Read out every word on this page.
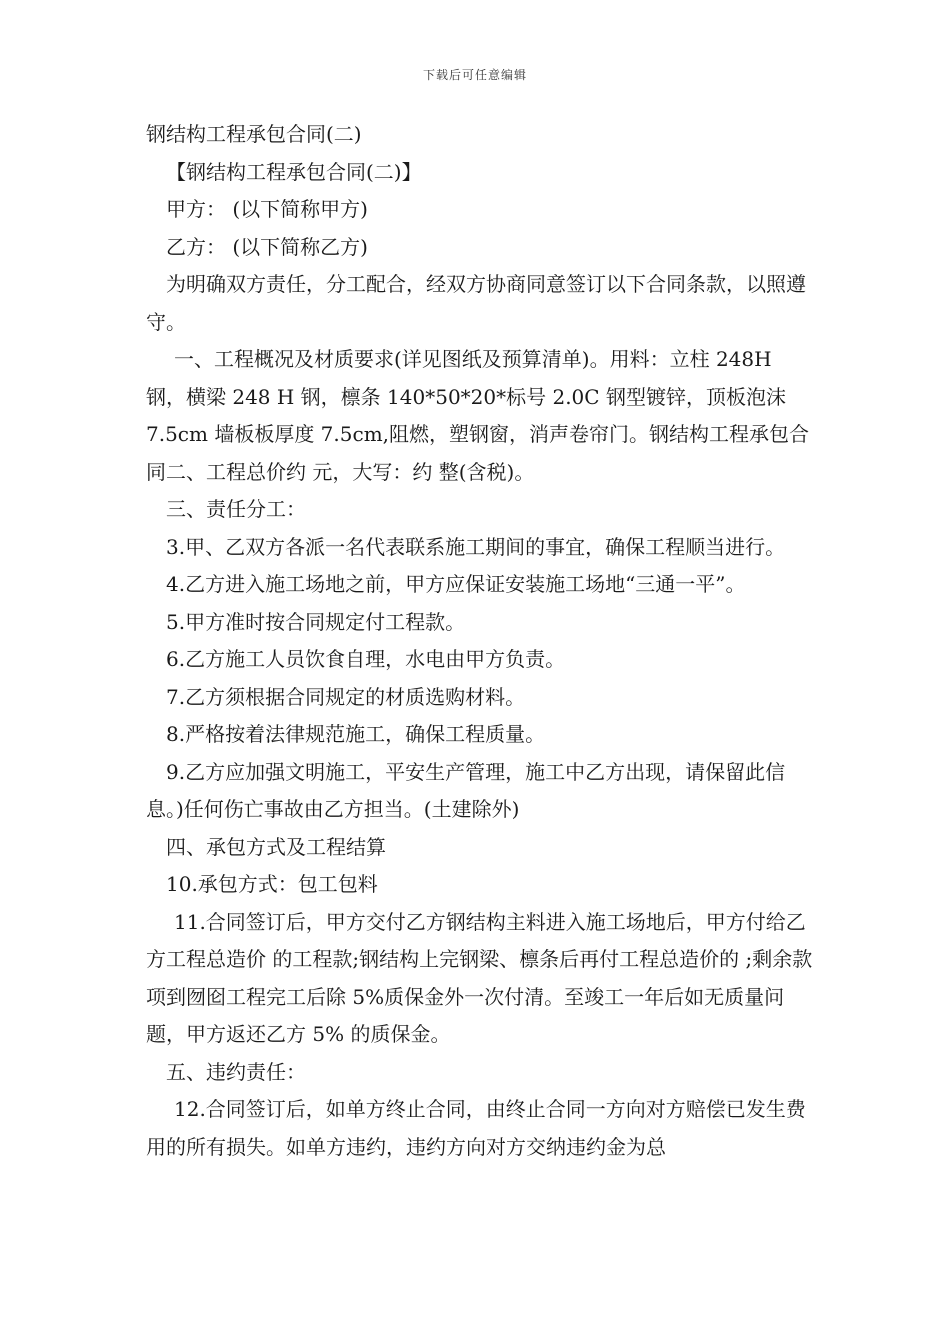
下载后可任意编辑

钢结构工程承包合同(二)

【钢结构工程承包合同(二)】

甲方： (以下简称甲方)

乙方： (以下简称乙方)

为明确双方责任，分工配合，经双方协商同意签订以下合同条款，以照遵守。

一、工程概况及材质要求(详见图纸及预算清单)。用料：立柱 248H 钢，横梁 248 H 钢，檩条 140*50*20*标号 2.0C 钢型镀锌，顶板泡沫 7.5cm 墙板板厚度 7.5cm,阻燃，塑钢窗，消声卷帘门。钢结构工程承包合同二、工程总价约 元，大写：约 整(含税)。

三、责任分工：

3.甲、乙双方各派一名代表联系施工期间的事宜，确保工程顺当进行。

4.乙方进入施工场地之前，甲方应保证安装施工场地“三通一平”。

5.甲方准时按合同规定付工程款。

6.乙方施工人员饮食自理，水电由甲方负责。

7.乙方须根据合同规定的材质选购材料。

8.严格按着法律规范施工，确保工程质量。

9.乙方应加强文明施工，平安生产管理，施工中乙方出现，请保留此信息。)任何伤亡事故由乙方担当。(土建除外)

四、承包方式及工程结算

10.承包方式：包工包料

11.合同签订后，甲方交付乙方钢结构主料进入施工场地后，甲方付给乙方工程总造价 的工程款;钢结构上完钢梁、檩条后再付工程总造价的 ;剩余款项到囫囵工程完工后除 5%质保金外一次付清。至竣工一年后如无质量问题，甲方返还乙方 5% 的质保金。

五、违约责任：

12.合同签订后，如单方终止合同，由终止合同一方向对方赔偿已发生费用的所有损失。如单方违约，违约方向对方交纳违约金为总
